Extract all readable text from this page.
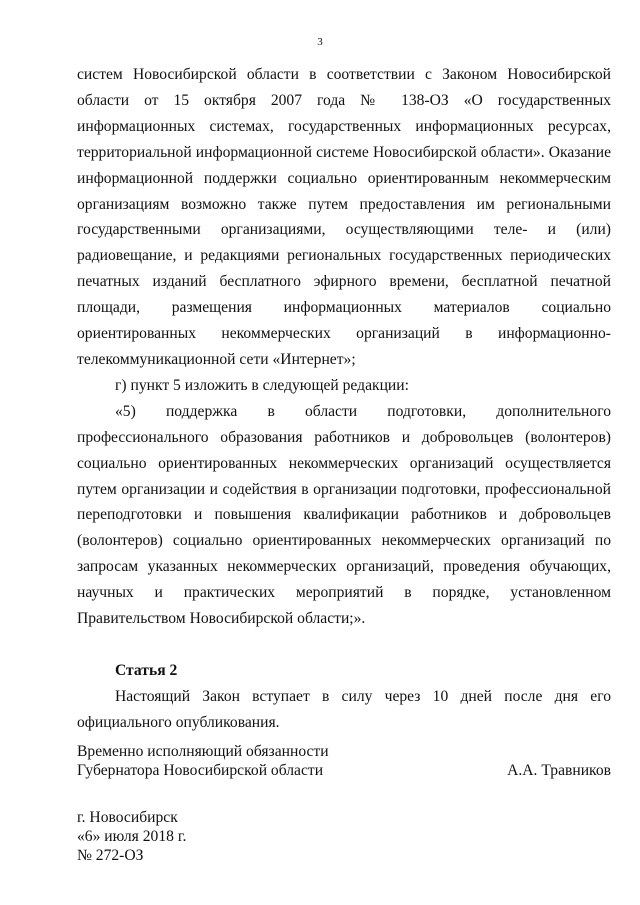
3

систем Новосибирской области в соответствии с Законом Новосибирской области от 15 октября 2007 года № 138-ОЗ «О государственных информационных системах, государственных информационных ресурсах, территориальной информационной системе Новосибирской области». Оказание информационной поддержки социально ориентированным некоммерческим организациям возможно также путем предоставления им региональными государственными организациями, осуществляющими теле- и (или) радиовещание, и редакциями региональных государственных периодических печатных изданий бесплатного эфирного времени, бесплатной печатной площади, размещения информационных материалов социально ориентированных некоммерческих организаций в информационно-телекоммуникационной сети «Интернет»;

г) пункт 5 изложить в следующей редакции:

«5) поддержка в области подготовки, дополнительного профессионального образования работников и добровольцев (волонтеров) социально ориентированных некоммерческих организаций осуществляется путем организации и содействия в организации подготовки, профессиональной переподготовки и повышения квалификации работников и добровольцев (волонтеров) социально ориентированных некоммерческих организаций по запросам указанных некоммерческих организаций, проведения обучающих, научных и практических мероприятий в порядке, установленном Правительством Новосибирской области;».

Статья 2

Настоящий Закон вступает в силу через 10 дней после дня его официального опубликования.

Временно исполняющий обязанности
Губернатора Новосибирской области	А.А. Травников
г. Новосибирск
«6» июля 2018 г.
№ 272-ОЗ
